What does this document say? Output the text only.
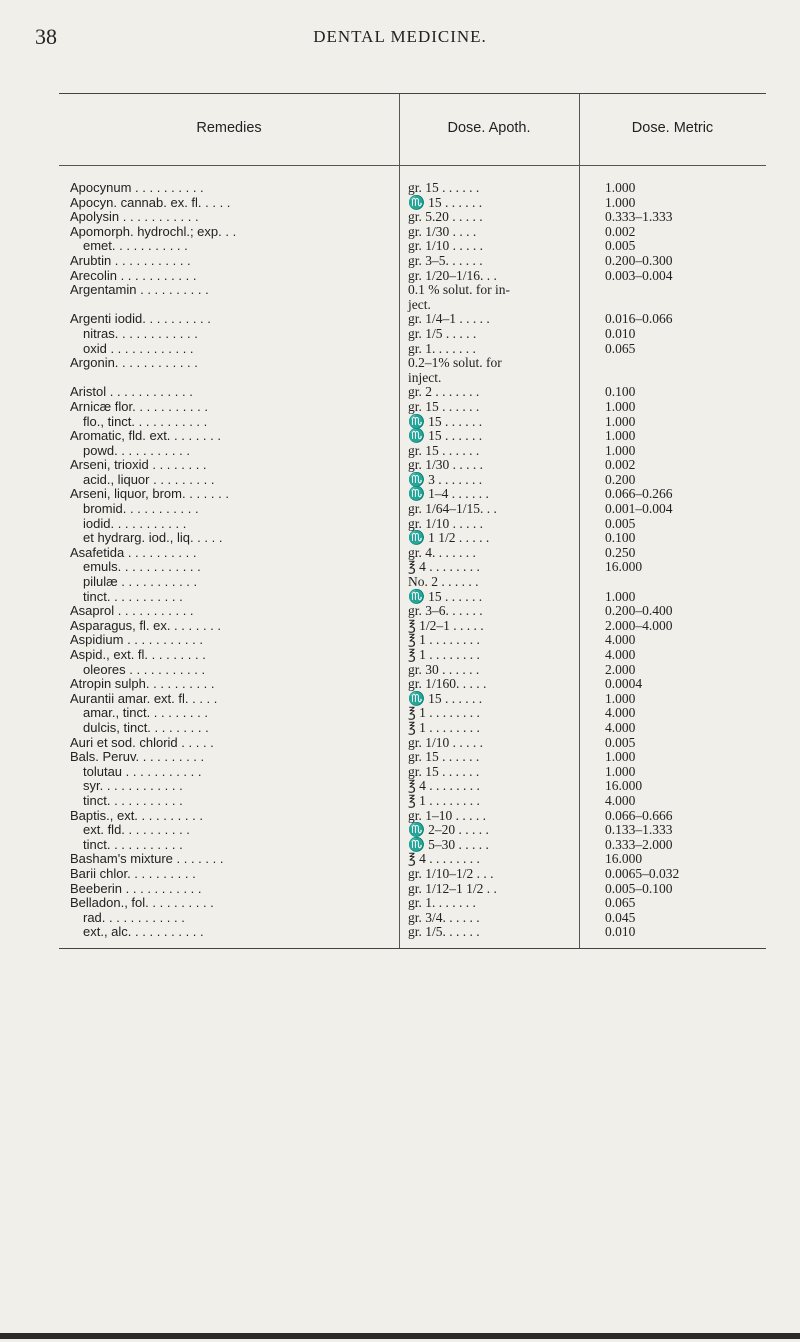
38	DENTAL MEDICINE.
Remedies	Dose. Apoth.	Dose. Metric
Apocynum . . . . . . . . . .	gr. 15 . . . . . .	1.000
Apocyn. cannab. ex. fl. . . . .	♏ 15 . . . . . .	1.000
Apolysin . . . . . . . . . . .	gr. 5.20 . . . . .	0.333–1.333
Apomorph. hydrochl.; exp. . .	gr. 1/30 . . . .	0.002
emet. . . . . . . . . . .	gr. 1/10 . . . . .	0.005
Arubtin . . . . . . . . . . .	gr. 3–5. . . . . .	0.200–0.300
Arecolin . . . . . . . . . . .	gr. 1/20–1/16. . .	0.003–0.004
Argentamin . . . . . . . . . .	0.1 % solut. for in-

ject.

Argenti iodid. . . . . . . . . .	gr. 1/4–1 . . . . .	0.016–0.066
nitras. . . . . . . . . . . .	gr. 1/5 . . . . .	0.010
oxid . . . . . . . . . . . .	gr. 1. . . . . . .	0.065
Argonin. . . . . . . . . . . .	0.2–1% solut. for

inject.

Aristol . . . . . . . . . . . .	gr. 2 . . . . . . .	0.100
Arnicæ flor. . . . . . . . . . .	gr. 15 . . . . . .	1.000
flo., tinct. . . . . . . . . . .	♏ 15 . . . . . .	1.000
Aromatic, fld. ext. . . . . . . .	♏ 15 . . . . . .	1.000
powd. . . . . . . . . . .	gr. 15 . . . . . .	1.000
Arseni, trioxid . . . . . . . .	gr. 1/30 . . . . .	0.002
acid., liquor . . . . . . . . .	♏ 3 . . . . . . .	0.200
Arseni, liquor, brom. . . . . . .	♏ 1–4 . . . . . .	0.066–0.266
bromid. . . . . . . . . . .	gr. 1/64–1/15. . .	0.001–0.004
iodid. . . . . . . . . . .	gr. 1/10 . . . . .	0.005
et hydrarg. iod., liq. . . . .	♏ 1 1/2 . . . . .	0.100
Asafetida . . . . . . . . . .	gr. 4. . . . . . .	0.250
emuls. . . . . . . . . . . .	℥ 4 . . . . . . . .	16.000
pilulæ . . . . . . . . . . .	No. 2 . . . . . .

tinct. . . . . . . . . . .	♏ 15 . . . . . .	1.000
Asaprol . . . . . . . . . . .	gr. 3–6. . . . . .	0.200–0.400
Asparagus, fl. ex. . . . . . . .	℥ 1/2–1 . . . . .	2.000–4.000
Aspidium . . . . . . . . . . .	℥ 1 . . . . . . . .	4.000
Aspid., ext. fl. . . . . . . . .	℥ 1 . . . . . . . .	4.000
oleores . . . . . . . . . . .	gr. 30 . . . . . .	2.000
Atropin sulph. . . . . . . . . .	gr. 1/160. . . . .	0.0004
Aurantii amar. ext. fl. . . . .	♏ 15 . . . . . .	1.000
amar., tinct. . . . . . . . .	℥ 1 . . . . . . . .	4.000
dulcis, tinct. . . . . . . . .	℥ 1 . . . . . . . .	4.000
Auri et sod. chlorid . . . . .	gr. 1/10 . . . . .	0.005
Bals. Peruv. . . . . . . . . .	gr. 15 . . . . . .	1.000
tolutau . . . . . . . . . . .	gr. 15 . . . . . .	1.000
syr. . . . . . . . . . . .	℥ 4 . . . . . . . .	16.000
tinct. . . . . . . . . . .	℥ 1 . . . . . . . .	4.000
Baptis., ext. . . . . . . . . .	gr. 1–10 . . . . .	0.066–0.666
ext. fld. . . . . . . . . .	♏ 2–20 . . . . .	0.133–1.333
tinct. . . . . . . . . . .	♏ 5–30 . . . . .	0.333–2.000
Basham's mixture . . . . . . .	℥ 4 . . . . . . . .	16.000
Barii chlor. . . . . . . . . .	gr. 1/10–1/2 . . .	0.0065–0.032
Beeberin . . . . . . . . . . .	gr. 1/12–1 1/2 . .	0.005–0.100
Belladon., fol. . . . . . . . . .	gr. 1. . . . . . .	0.065
rad. . . . . . . . . . . .	gr. 3/4. . . . . .	0.045
ext., alc. . . . . . . . . . .	gr. 1/5. . . . . .	0.010
